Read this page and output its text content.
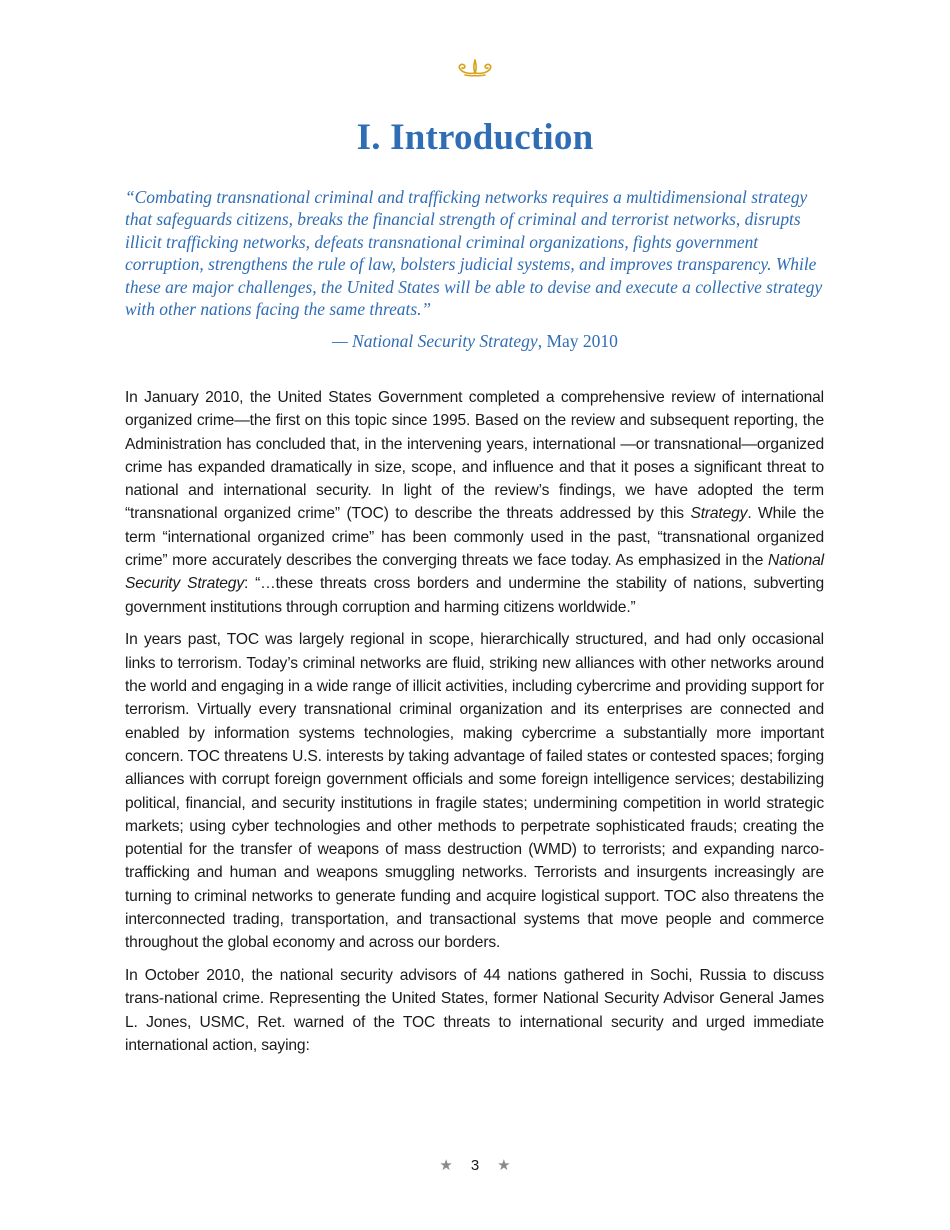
I. Introduction

“Combating transnational criminal and trafficking networks requires a multidimensional strategy that safeguards citizens, breaks the financial strength of criminal and terrorist networks, disrupts illicit trafficking networks, defeats transnational criminal organizations, fights government corruption, strengthens the rule of law, bolsters judicial systems, and improves transparency. While these are major challenges, the United States will be able to devise and execute a collective strategy with other nations facing the same threats.”

— National Security Strategy, May 2010

In January 2010, the United States Government completed a comprehensive review of international organized crime—the first on this topic since 1995. Based on the review and subsequent reporting, the Administration has concluded that, in the intervening years, international —or transnational—organized crime has expanded dramatically in size, scope, and influence and that it poses a significant threat to national and international security. In light of the review’s findings, we have adopted the term “transnational organized crime” (TOC) to describe the threats addressed by this Strategy. While the term “international organized crime” has been commonly used in the past, “transnational organized crime” more accurately describes the converging threats we face today. As emphasized in the National Security Strategy: “…these threats cross borders and undermine the stability of nations, subverting government institutions through corruption and harming citizens worldwide.”

In years past, TOC was largely regional in scope, hierarchically structured, and had only occasional links to terrorism. Today’s criminal networks are fluid, striking new alliances with other networks around the world and engaging in a wide range of illicit activities, including cybercrime and providing support for terrorism. Virtually every transnational criminal organization and its enterprises are connected and enabled by information systems technologies, making cybercrime a substantially more important concern. TOC threatens U.S. interests by taking advantage of failed states or contested spaces; forging alliances with corrupt foreign government officials and some foreign intelligence services; destabilizing political, financial, and security institutions in fragile states; undermining competition in world strategic markets; using cyber technologies and other methods to perpetrate sophisticated frauds; creating the potential for the transfer of weapons of mass destruction (WMD) to terrorists; and expanding narco-trafficking and human and weapons smuggling networks. Terrorists and insurgents increasingly are turning to criminal networks to generate funding and acquire logistical support. TOC also threatens the interconnected trading, transportation, and transactional systems that move people and commerce throughout the global economy and across our borders.

In October 2010, the national security advisors of 44 nations gathered in Sochi, Russia to discuss trans-national crime. Representing the United States, former National Security Advisor General James L. Jones, USMC, Ret. warned of the TOC threats to international security and urged immediate international action, saying:

★ 3 ★
